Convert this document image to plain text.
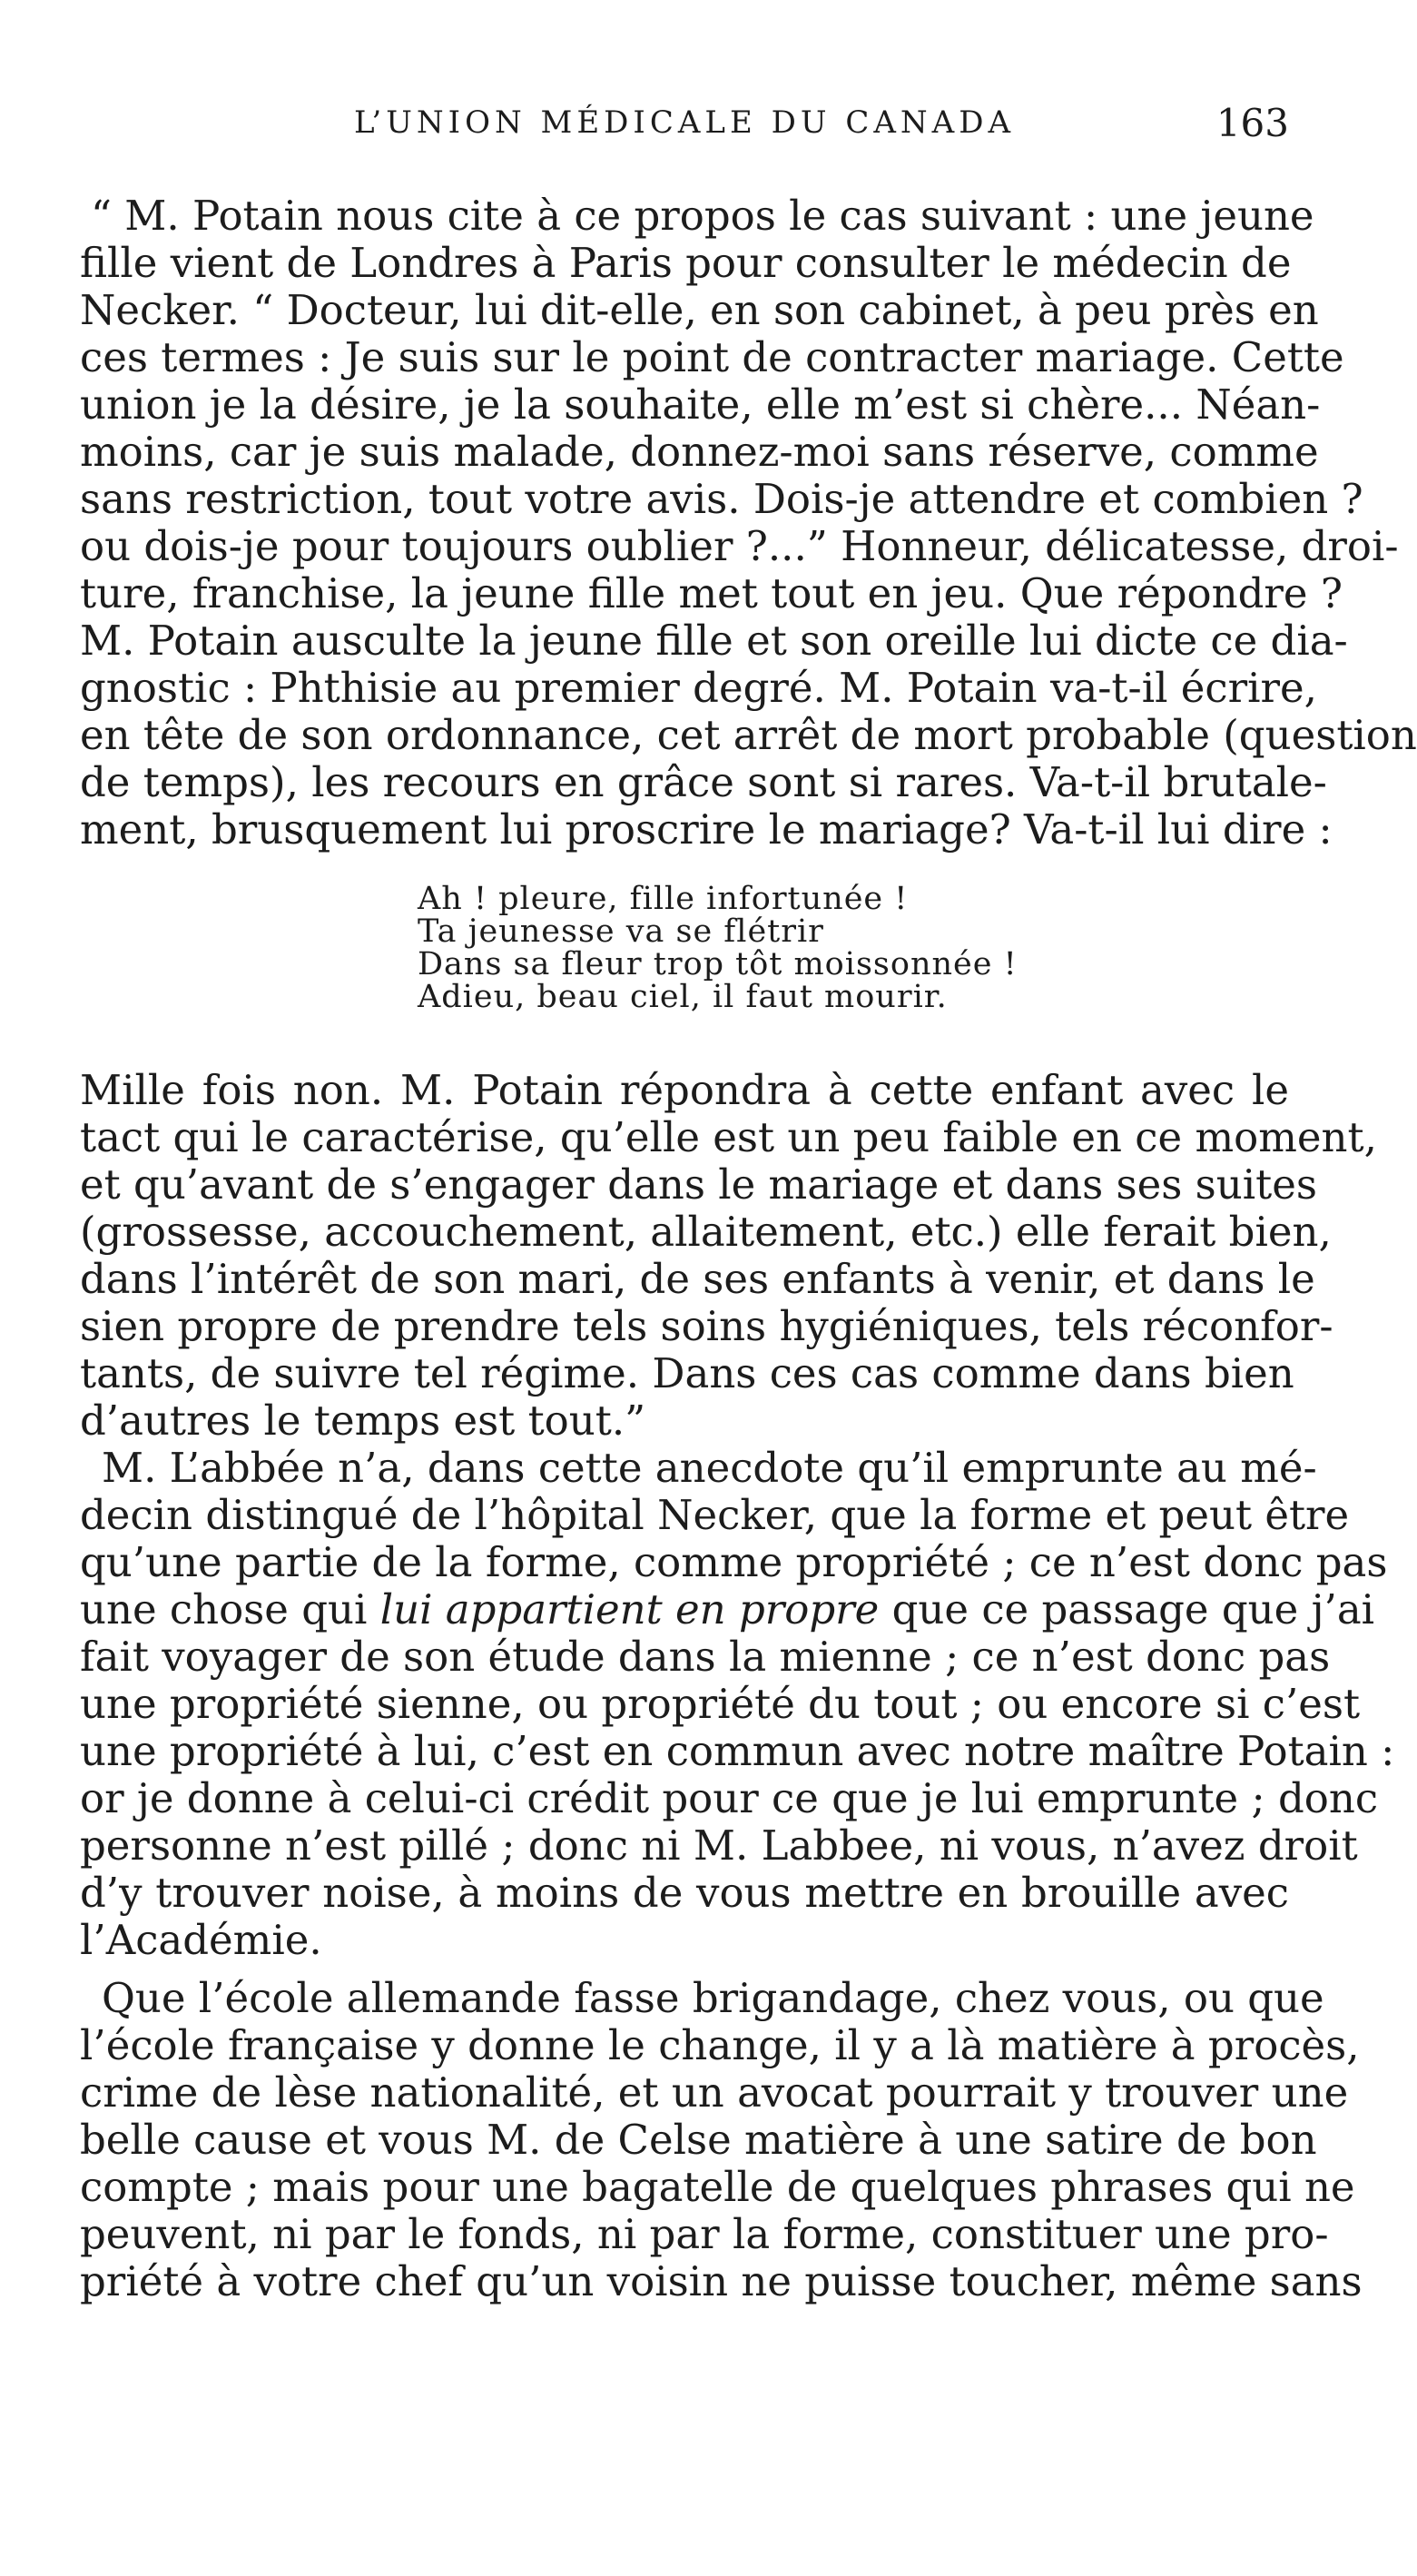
L’UNION MÉDICALE DU CANADA	163
“ M. Potain nous cite à ce propos le cas suivant : une jeune
fille vient de Londres à Paris pour consulter le médecin de
Necker. “ Docteur, lui dit-elle, en son cabinet, à peu près en
ces termes : Je suis sur le point de contracter mariage. Cette
union je la désire, je la souhaite, elle m’est si chère... Néan-
moins, car je suis malade, donnez-moi sans réserve, comme
sans restriction, tout votre avis. Dois-je attendre et combien ?
ou dois-je pour toujours oublier ?...” Honneur, délicatesse, droi-
ture, franchise, la jeune fille met tout en jeu. Que répondre ?
M. Potain ausculte la jeune fille et son oreille lui dicte ce dia-
gnostic : Phthisie au premier degré. M. Potain va-t-il écrire,
en tête de son ordonnance, cet arrêt de mort probable (question
de temps), les recours en grâce sont si rares. Va-t-il brutale-
ment, brusquement lui proscrire le mariage? Va-t-il lui dire :
Ah ! pleure, fille infortunée !
Ta jeunesse va se flétrir
Dans sa fleur trop tôt moissonnée !
Adieu, beau ciel, il faut mourir.
Mille fois non. M. Potain répondra à cette enfant avec le
tact qui le caractérise, qu’elle est un peu faible en ce moment,
et qu’avant de s’engager dans le mariage et dans ses suites
(grossesse, accouchement, allaitement, etc.) elle ferait bien,
dans l’intérêt de son mari, de ses enfants à venir, et dans le
sien propre de prendre tels soins hygiéniques, tels réconfor-
tants, de suivre tel régime. Dans ces cas comme dans bien
d’autres le temps est tout.”
M. L’abbée n’a, dans cette anecdote qu’il emprunte au mé-
decin distingué de l’hôpital Necker, que la forme et peut être
qu’une partie de la forme, comme propriété ; ce n’est donc pas
une chose qui lui appartient en propre que ce passage que j’ai
fait voyager de son étude dans la mienne ; ce n’est donc pas
une propriété sienne, ou propriété du tout ; ou encore si c’est
une propriété à lui, c’est en commun avec notre maître Potain :
or je donne à celui-ci crédit pour ce que je lui emprunte ; donc
personne n’est pillé ; donc ni M. Labbee, ni vous, n’avez droit
d’y trouver noise, à moins de vous mettre en brouille avec
l’Académie.
Que l’école allemande fasse brigandage, chez vous, ou que
l’école française y donne le change, il y a là matière à procès,
crime de lèse nationalité, et un avocat pourrait y trouver une
belle cause et vous M. de Celse matière à une satire de bon
compte ; mais pour une bagatelle de quelques phrases qui ne
peuvent, ni par le fonds, ni par la forme, constituer une pro-
priété à votre chef qu’un voisin ne puisse toucher, même sans
